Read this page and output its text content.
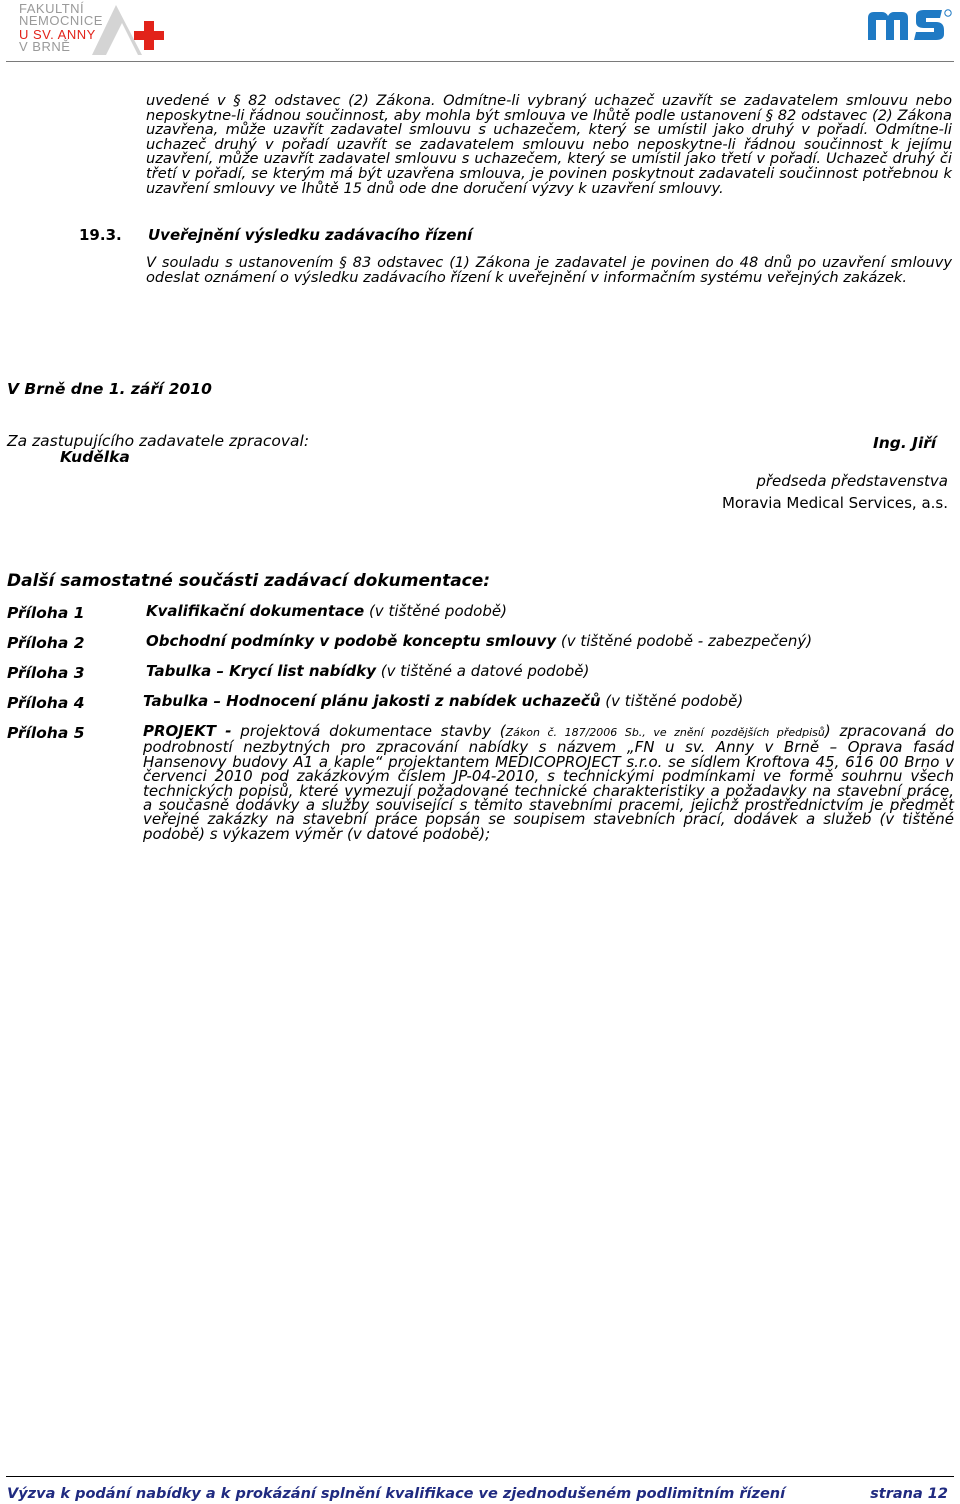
FAKULTNÍ
NEMOCNICE
U SV. ANNY
V BRNĚ

uvedené v § 82 odstavec (2) Zákona. Odmítne-li vybraný uchazeč uzavřít se zadavatelem smlouvu nebo neposkytne-li řádnou součinnost, aby mohla být smlouva ve lhůtě podle ustanovení § 82 odstavec (2) Zákona uzavřena, může uzavřít zadavatel smlouvu s uchazečem, který se umístil jako druhý v pořadí. Odmítne-li uchazeč druhý v pořadí uzavřít se zadavatelem smlouvu nebo neposkytne-li řádnou součinnost k jejímu uzavření, může uzavřít zadavatel smlouvu s uchazečem, který se umístil jako třetí v pořadí. Uchazeč druhý či třetí v pořadí, se kterým má být uzavřena smlouva, je povinen poskytnout zadavateli součinnost potřebnou k uzavření smlouvy ve lhůtě 15 dnů ode dne doručení výzvy k uzavření smlouvy.

19.3. Uveřejnění výsledku zadávacího řízení

V souladu s ustanovením § 83 odstavec (1) Zákona je zadavatel je povinen do 48 dnů po uzavření smlouvy odeslat oznámení o výsledku zadávacího řízení k uveřejnění v informačním systému veřejných zakázek.

V Brně dne 1. září 2010
Za zastupujícího zadavatele zpracoval:
Kudělka
Ing. Jiří
předseda představenstva
Moravia Medical Services, a.s.
Další samostatné součásti zadávací dokumentace:
Příloha 1	Kvalifikační dokumentace (v tištěné podobě)
Příloha 2	Obchodní podmínky v podobě konceptu smlouvy (v tištěné podobě - zabezpečený)
Příloha 3	Tabulka – Krycí list nabídky (v tištěné a datové podobě)
Příloha 4	Tabulka – Hodnocení plánu jakosti z nabídek uchazečů (v tištěné podobě)
Příloha 5	PROJEKT - projektová dokumentace stavby (Zákon č. 187/2006 Sb., ve znění pozdějších předpisů) zpracovaná do podrobností nezbytných pro zpracování nabídky s názvem „FN u sv. Anny v Brně – Oprava fasád Hansenovy budovy A1 a kaple“ projektantem MEDICOPROJECT s.r.o. se sídlem Kroftova 45, 616 00 Brno v červenci 2010 pod zakázkovým číslem JP-04-2010, s technickými podmínkami ve formě souhrnu všech technických popisů, které vymezují požadované technické charakteristiky a požadavky na stavební práce, a současně dodávky a služby související s těmito stavebními pracemi, jejichž prostřednictvím je předmět veřejné zakázky na stavební práce popsán se soupisem stavebních prací, dodávek a služeb (v tištěné podobě) s výkazem výměr (v datové podobě);
Výzva k podání nabídky a k prokázání splnění kvalifikace ve zjednodušeném podlimitním řízení	strana 12
